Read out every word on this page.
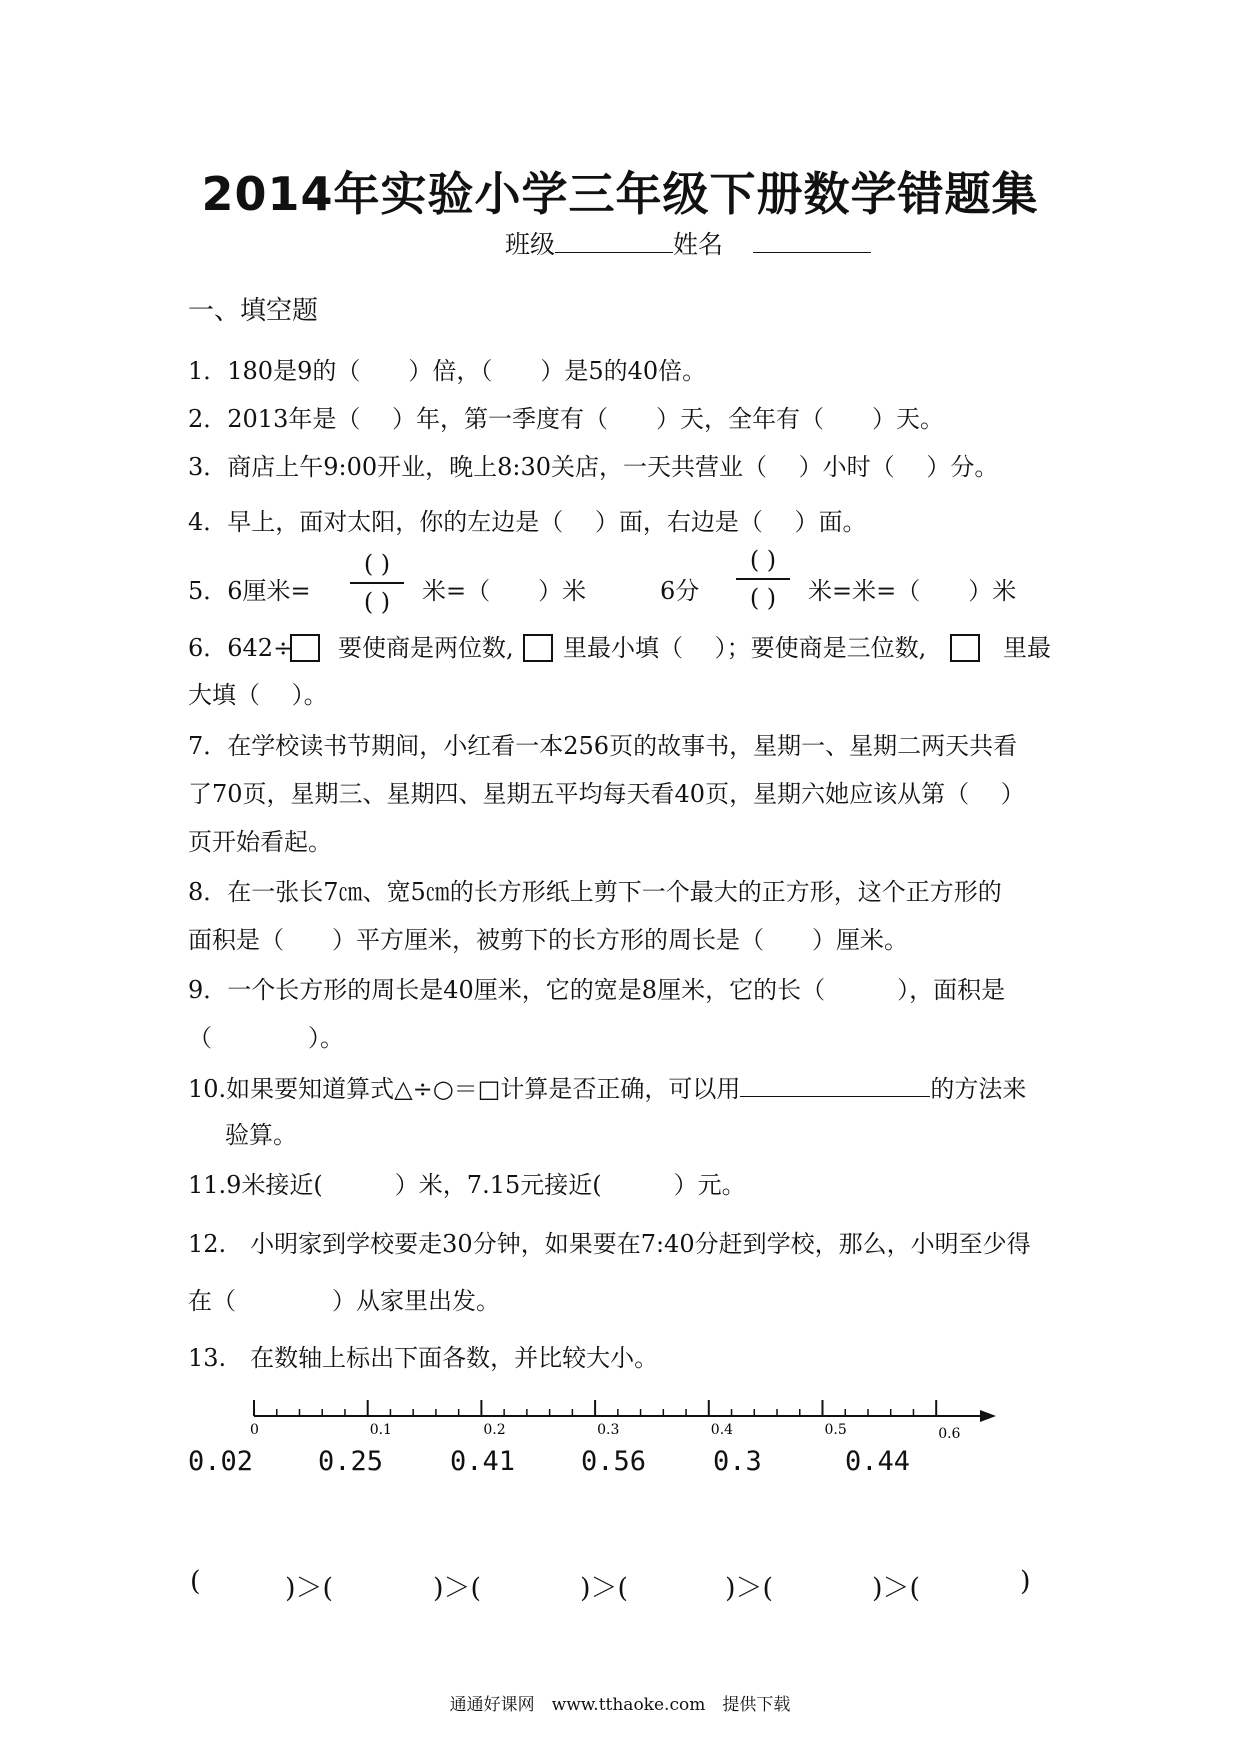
2014年实验小学三年级下册数学错题集
班级	姓名
一、填空题
1．180是9的（　　）倍，（　　）是5的40倍。
2．2013年是（　 ）年，第一季度有（　　）天，全年有（　　）天。
3．商店上午9:00开业，晚上8:30关店，一天共营业（　 ）小时（　 ）分。
4．早上，面对太阳，你的左边是（　 ）面，右边是（　 ）面。
5．6厘米=
( )
( )	米=（　　）米	6分
( )
( )	米=米=（　　）米
6．642÷ 要使商是两位数, 里最小填（　 ）；要使商是三位数,	里最
大填（　 ）。
7．在学校读书节期间，小红看一本256页的故事书，星期一、星期二两天共看
了70页，星期三、星期四、星期五平均每天看40页，星期六她应该从第（　 ）
页开始看起。
8．在一张长7㎝、宽5㎝的长方形纸上剪下一个最大的正方形，这个正方形的
面积是（　　）平方厘米，被剪下的长方形的周长是（　　）厘米。
9．一个长方形的周长是40厘米，它的宽是8厘米，它的长（　　　），面积是
（　　　　）。
10.如果要知道算式△÷○＝□计算是否正确，可以用	的方法来
验算。
11.9米接近(　　　）米，7.15元接近(　　　）元。
12.　小明家到学校要走30分钟，如果要在7:40分赶到学校，那么，小明至少得
在（　　　　）从家里出发。
13.　在数轴上标出下面各数，并比较大小。
0	0.1	0.2	0.3	0.4	0.5	0.6
0.02 0.25 0.41 0.56 0.3	0.44
(	)＞(	)＞(	)＞(	)＞(	)＞(	)
通通好课网　www.tthaoke.com　提供下载
